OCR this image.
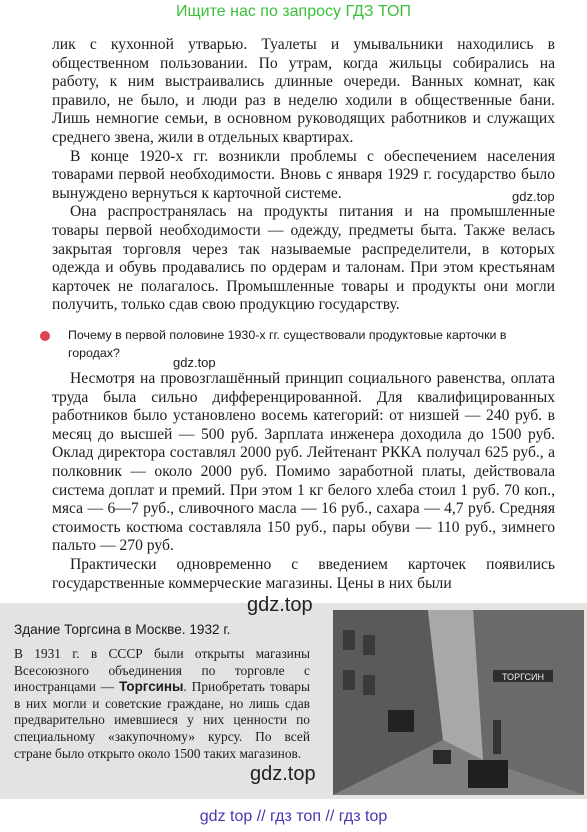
Ищите нас по запросу ГДЗ ТОП

лик с кухонной утварью. Туалеты и умывальники находились в общественном пользовании. По утрам, когда жильцы собирались на работу, к ним выстраивались длинные очереди. Ванных комнат, как правило, не было, и люди раз в неделю ходили в общественные бани. Лишь немногие семьи, в основном руководящих работников и служащих среднего звена, жили в отдельных квартирах.

В конце 1920-х гг. возникли проблемы с обеспечением населения товарами первой необходимости. Вновь с января 1929 г. государство было вынуждено вернуться к карточной системе.

Она распространялась на продукты питания и на промышленные товары первой необходимости — одежду, предметы быта. Также велась закрытая торговля через так называемые распределители, в которых одежда и обувь продавались по ордерам и талонам. При этом крестьянам карточек не полагалось. Промышленные товары и продукты они могли получить, только сдав свою продукцию государству.

gdz.top
Почему в первой половине 1930-х гг. существовали продуктовые карточки в городах?
gdz.top

Несмотря на провозглашённый принцип социального равенства, оплата труда была сильно дифференцированной. Для квалифицированных работников было установлено восемь категорий: от низшей — 240 руб. в месяц до высшей — 500 руб. Зарплата инженера доходила до 1500 руб. Оклад директора составлял 2000 руб. Лейтенант РККА получал 625 руб., а полковник — около 2000 руб. Помимо заработной платы, действовала система доплат и премий. При этом 1 кг белого хлеба стоил 1 руб. 70 коп., мяса — 6—7 руб., сливочного масла — 16 руб., сахара — 4,7 руб. Средняя стоимость костюма составляла 150 руб., пары обуви — 110 руб., зимнего пальто — 270 руб.

Практически одновременно с введением карточек появились государственные коммерческие магазины. Цены в них были

gdz.top
Здание Торгсина в Москве. 1932 г.
В 1931 г. в СССР были открыты магазины Всесоюзного объединения по торговле с иностранцами — Торгсины. Приобретать товары в них могли и советские граждане, но лишь сдав предварительно имевшиеся у них ценности по специальному «закупочному» курсу. По всей стране было открыто около 1500 таких магазинов.
ТОРГСИН
gdz.top
gdz top // гдз топ // гдз top
